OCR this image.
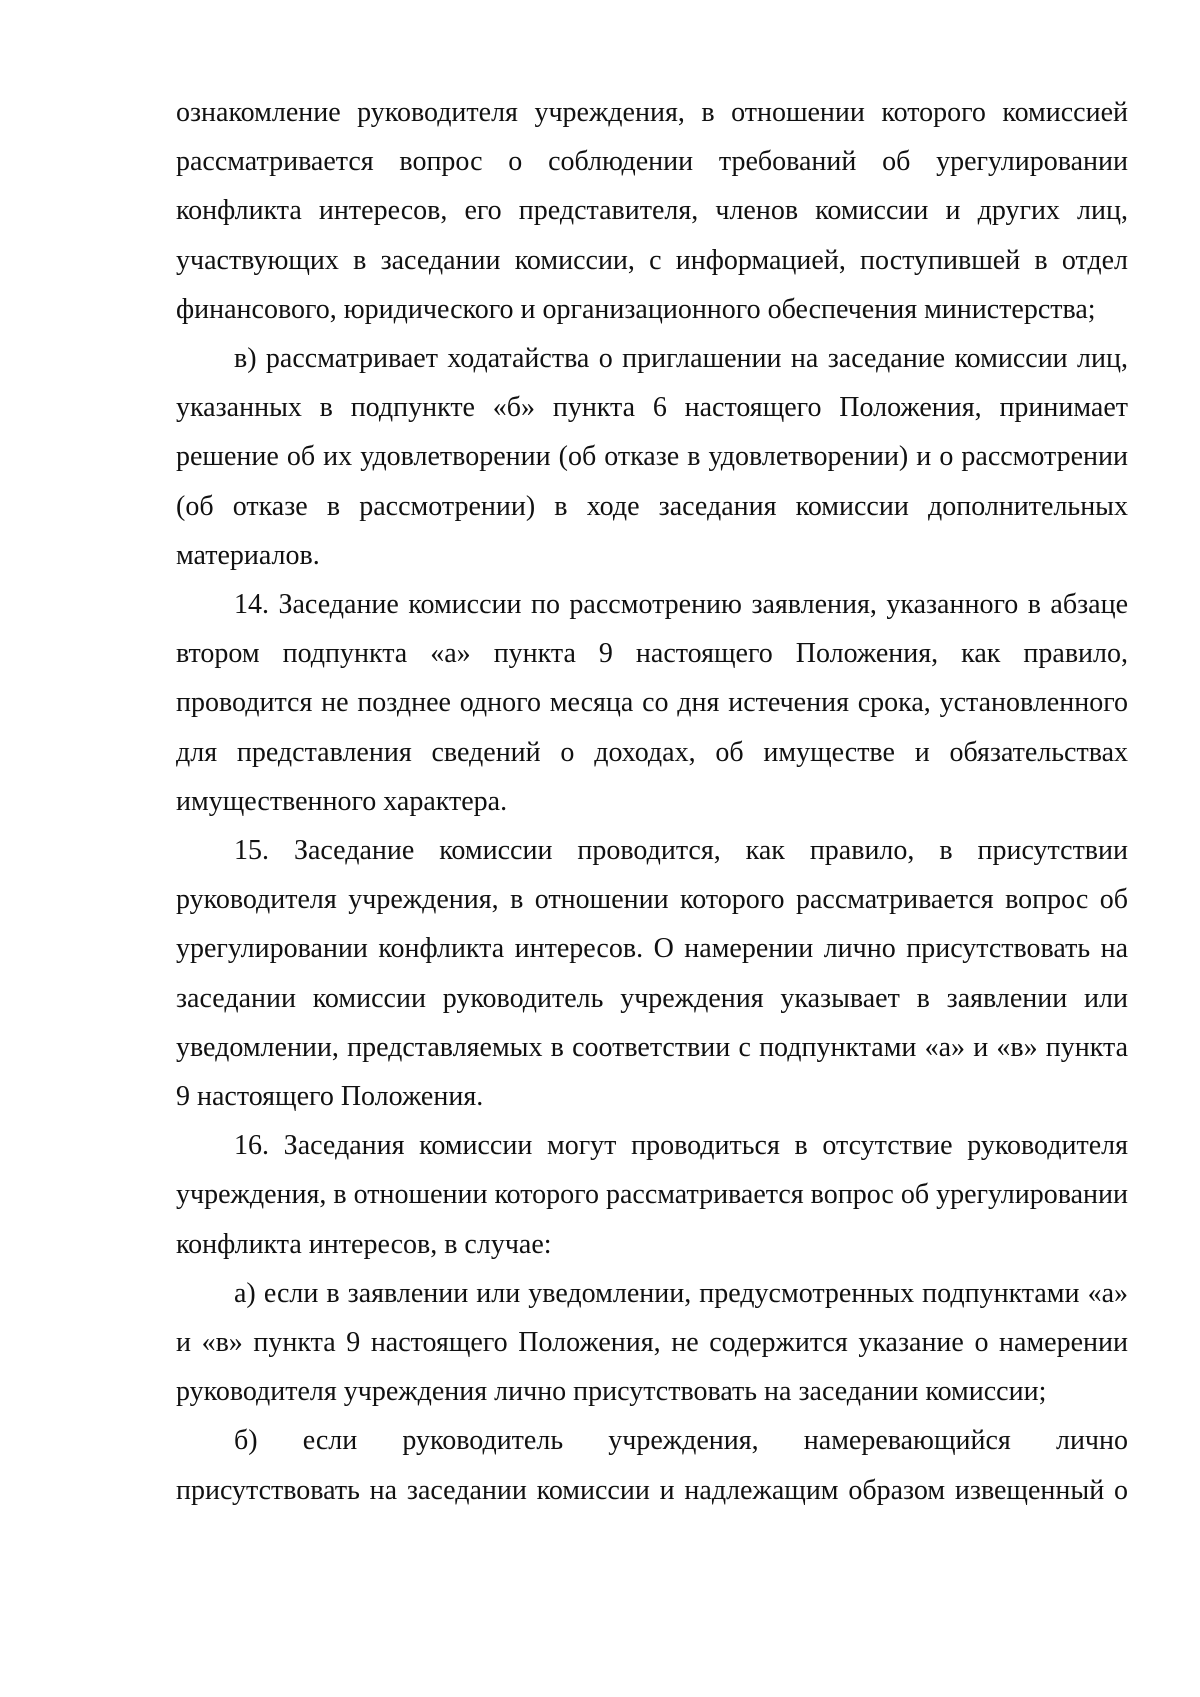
ознакомление руководителя учреждения, в отношении которого комиссией рассматривается вопрос о соблюдении требований об урегулировании конфликта интересов, его представителя, членов комиссии и других лиц, участвующих в заседании комиссии, с информацией, поступившей в отдел финансового, юридического и организационного обеспечения министерства;

в) рассматривает ходатайства о приглашении на заседание комиссии лиц, указанных в подпункте «б» пункта 6 настоящего Положения, принимает решение об их удовлетворении (об отказе в удовлетворении) и о рассмотрении (об отказе в рассмотрении) в ходе заседания комиссии дополнительных материалов.

14. Заседание комиссии по рассмотрению заявления, указанного в абзаце втором подпункта «а» пункта 9 настоящего Положения, как правило, проводится не позднее одного месяца со дня истечения срока, установленного для представления сведений о доходах, об имуществе и обязательствах имущественного характера.

15. Заседание комиссии проводится, как правило, в присутствии руководителя учреждения, в отношении которого рассматривается вопрос об урегулировании конфликта интересов. О намерении лично присутствовать на заседании комиссии руководитель учреждения указывает в заявлении или уведомлении, представляемых в соответствии с подпунктами «а» и «в» пункта 9 настоящего Положения.

16. Заседания комиссии могут проводиться в отсутствие руководителя учреждения, в отношении которого рассматривается вопрос об урегулировании конфликта интересов, в случае:

а) если в заявлении или уведомлении, предусмотренных подпунктами «а» и «в» пункта 9 настоящего Положения, не содержится указание о намерении руководителя учреждения лично присутствовать на заседании комиссии;

б) если руководитель учреждения, намеревающийся лично присутствовать на заседании комиссии и надлежащим образом извещенный о
